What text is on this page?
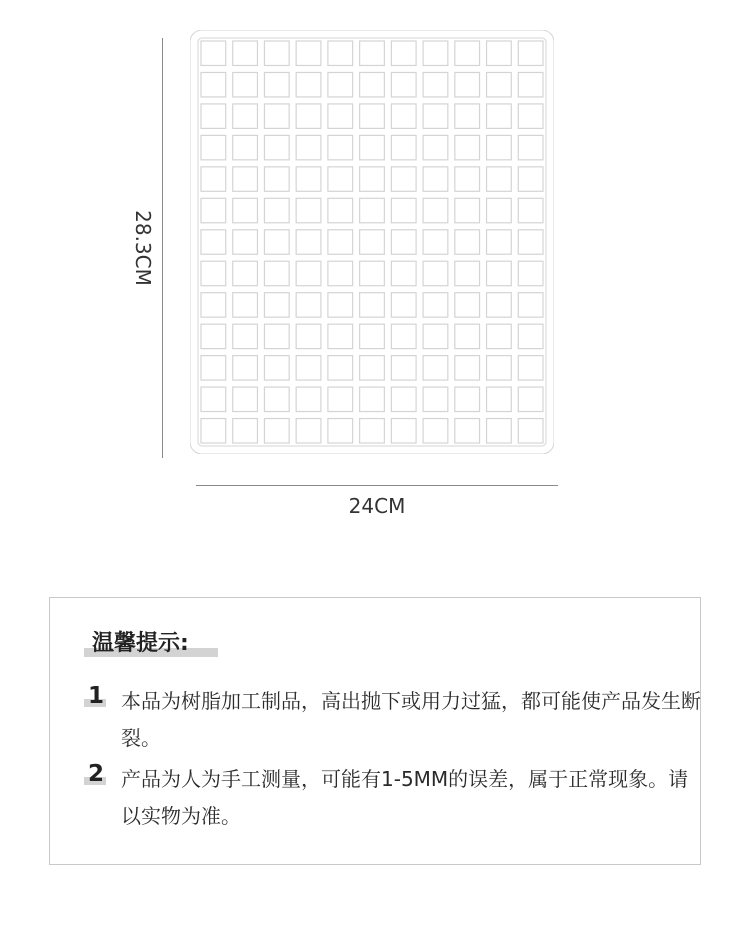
28.3CM
24CM
温馨提示:
1 本品为树脂加工制品，高出抛下或用力过猛，都可能使产品发生断裂。
2 产品为人为手工测量，可能有1-5MM的误差，属于正常现象。请以实物为准。
